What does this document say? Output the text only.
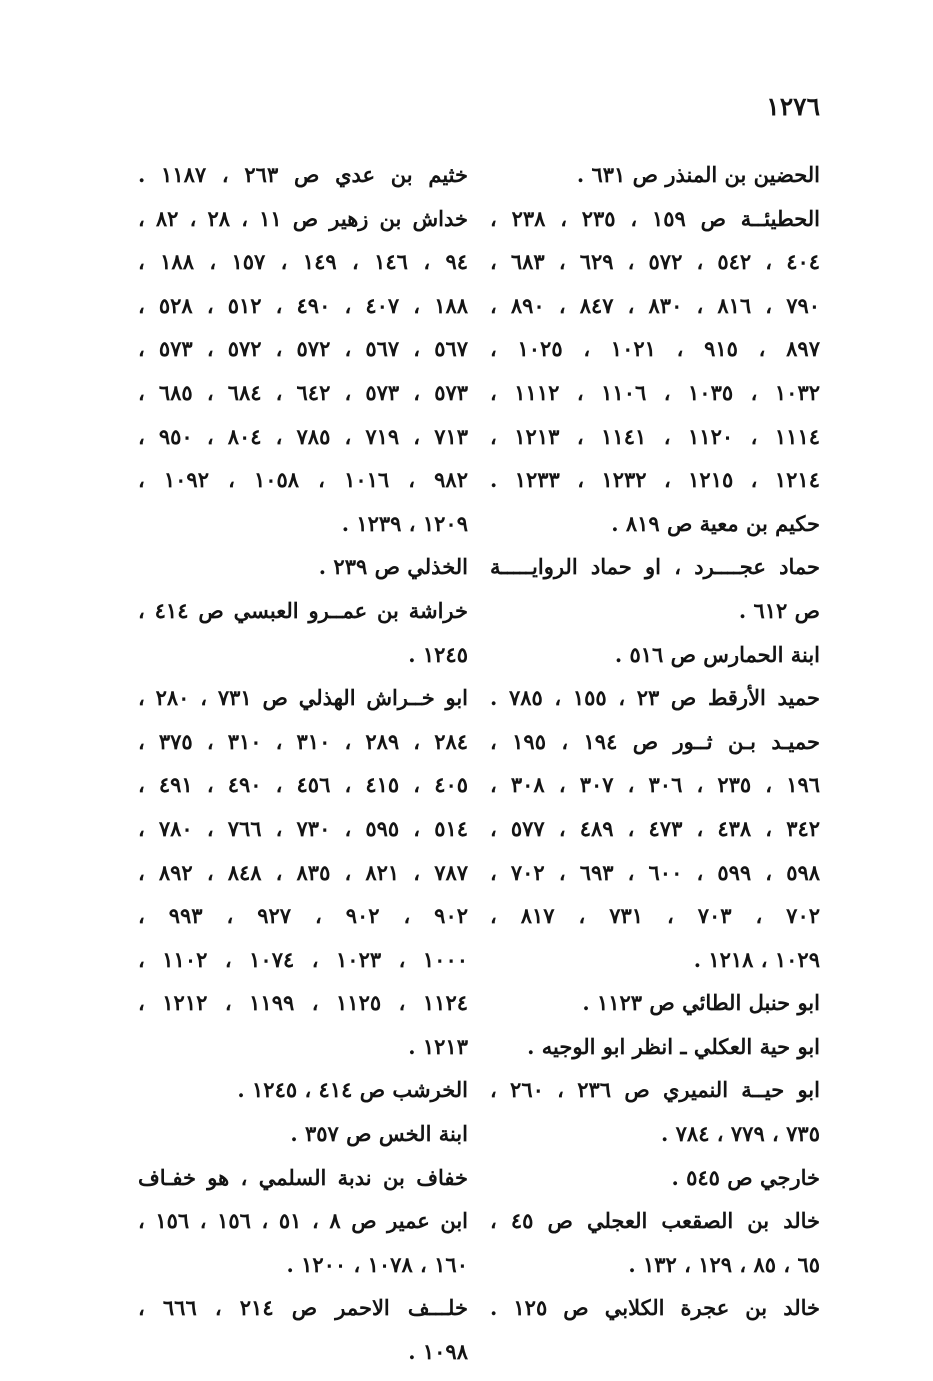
١٢٧٦
الحضين بن المنذر ص ٦٣١ .
الحطيئــة ص ١٥٩ ، ٢٣٥ ، ٢٣٨ ،
٤٠٤ ، ٥٤٢ ، ٥٧٢ ، ٦٢٩ ، ٦٨٣ ،
٧٩٠ ، ٨١٦ ، ٨٣٠ ، ٨٤٧ ، ٨٩٠ ،
٨٩٧ ، ٩١٥ ، ١٠٢١ ، ١٠٢٥ ،
١٠٣٢ ، ١٠٣٥ ، ١١٠٦ ، ١١١٢ ،
١١١٤ ، ١١٢٠ ، ١١٤١ ، ١٢١٣ ،
١٢١٤ ، ١٢١٥ ، ١٢٣٢ ، ١٢٣٣ .
حكيم بن معية ص ٨١٩ .
حماد عجــــرد ، او حماد الروايـــــة
ص ٦١٢ .
ابنة الحمارس ص ٥١٦ .
حميد الأرقط ص ٢٣ ، ١٥٥ ، ٧٨٥ .
حميـد بـن ثــور ص ١٩٤ ، ١٩٥ ،
١٩٦ ، ٢٣٥ ، ٣٠٦ ، ٣٠٧ ، ٣٠٨ ،
٣٤٢ ، ٤٣٨ ، ٤٧٣ ، ٤٨٩ ، ٥٧٧ ،
٥٩٨ ، ٥٩٩ ، ٦٠٠ ، ٦٩٣ ، ٧٠٢ ،
٧٠٢ ، ٧٠٣ ، ٧٣١ ، ٨١٧ ،
١٠٢٩ ، ١٢١٨ .
ابو حنبل الطائي ص ١١٢٣ .
ابو حية العكلي ـ انظر ابو الوجيه .
ابو حيــة النميري ص ٢٣٦ ، ٢٦٠ ،
٧٣٥ ، ٧٧٩ ، ٧٨٤ .
خارجي ص ٥٤٥ .
خالد بن الصقعب العجلي ص ٤٥ ،
٦٥ ، ٨٥ ، ١٢٩ ، ١٣٢ .
خالد بن عجرة الكلابي ص ١٢٥ .
خثيم بن عدي ص ٢٦٣ ، ١١٨٧ .
خداش بن زهير ص ١١ ، ٢٨ ، ٨٢ ،
٩٤ ، ١٤٦ ، ١٤٩ ، ١٥٧ ، ١٨٨ ،
١٨٨ ، ٤٠٧ ، ٤٩٠ ، ٥١٢ ، ٥٢٨ ،
٥٦٧ ، ٥٦٧ ، ٥٧٢ ، ٥٧٢ ، ٥٧٣ ،
٥٧٣ ، ٥٧٣ ، ٦٤٢ ، ٦٨٤ ، ٦٨٥ ،
٧١٣ ، ٧١٩ ، ٧٨٥ ، ٨٠٤ ، ٩٥٠ ،
٩٨٢ ، ١٠١٦ ، ١٠٥٨ ، ١٠٩٢ ،
١٢٠٩ ، ١٢٣٩ .
الخذلي ص ٢٣٩ .
خراشة بن عمــرو العبسي ص ٤١٤ ،
١٢٤٥ .
ابو خــراش الهذلي ص ٧٣١ ، ٢٨٠ ،
٢٨٤ ، ٢٨٩ ، ٣١٠ ، ٣١٠ ، ٣٧٥ ،
٤٠٥ ، ٤١٥ ، ٤٥٦ ، ٤٩٠ ، ٤٩١ ،
٥١٤ ، ٥٩٥ ، ٧٣٠ ، ٧٦٦ ، ٧٨٠ ،
٧٨٧ ، ٨٢١ ، ٨٣٥ ، ٨٤٨ ، ٨٩٢ ،
٩٠٢ ، ٩٠٢ ، ٩٢٧ ، ٩٩٣ ،
١٠٠٠ ، ١٠٢٣ ، ١٠٧٤ ، ١١٠٢ ،
١١٢٤ ، ١١٢٥ ، ١١٩٩ ، ١٢١٢ ،
١٢١٣ .
الخرشب ص ٤١٤ ، ١٢٤٥ .
ابنة الخس ص ٣٥٧ .
خفاف بن ندبة السلمي ، هو خفـاف
ابن عمير ص ٨ ، ٥١ ، ١٥٦ ، ١٥٦ ،
١٦٠ ، ١٠٧٨ ، ١٢٠٠ .
خلـــف الاحمر ص ٢١٤ ، ٦٦٦ ،
١٠٩٨ .
